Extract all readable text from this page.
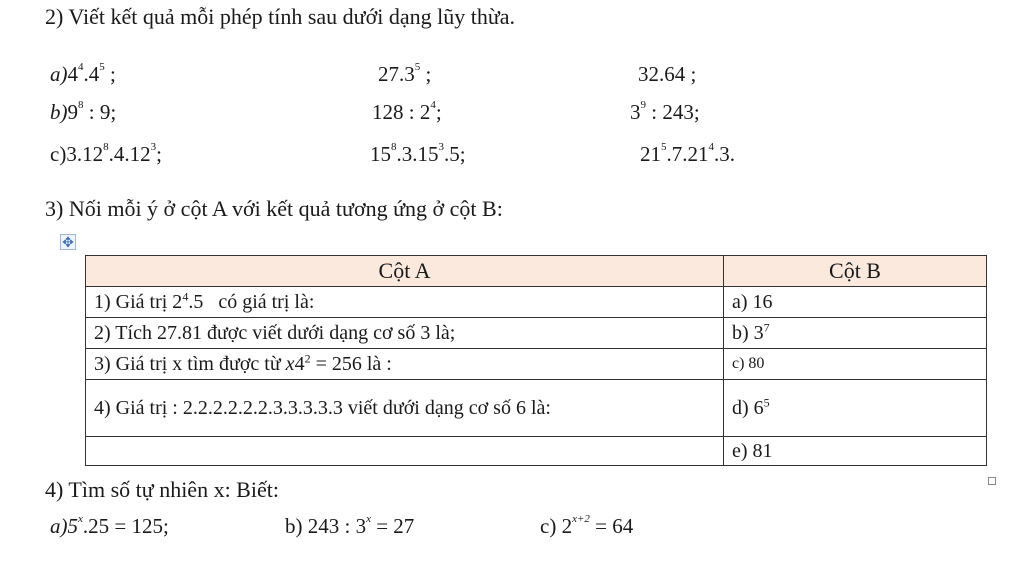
2) Viết kết quả mỗi phép tính sau dưới dạng lũy thừa.
$a)4^4.4^5$ ;	27.3$^5$ ;	32.64 ;
$b)9^8$ : 9;	128 : $2^4$;	$3^9$ : 243;
c)3.12$^8$.4.12$^3$;	$15^8.3.15^3.5$;	$21^5.7.21^4.3$.
3) Nối mỗi ý ở cột A với kết quả tương ứng ở cột B:
✥
Cột A	Cột B
1) Giá trị $2^4.5$   có giá trị là:	a) 16
2) Tích 27.81 được viết dưới dạng cơ số 3 là;	b) $3^7$
3) Giá trị x tìm được từ $x4^2 = 256$ là :	c) 80
4) Giá trị : 2.2.2.2.2.2.3.3.3.3.3 viết dưới dạng cơ số 6 là:	d) $6^5$
	e) 81
4) Tìm số tự nhiên x: Biết:
$a)5^x.25 = 125$;	b) 243 : $3^x = 27$	c) $2^{x+2} = 64$
